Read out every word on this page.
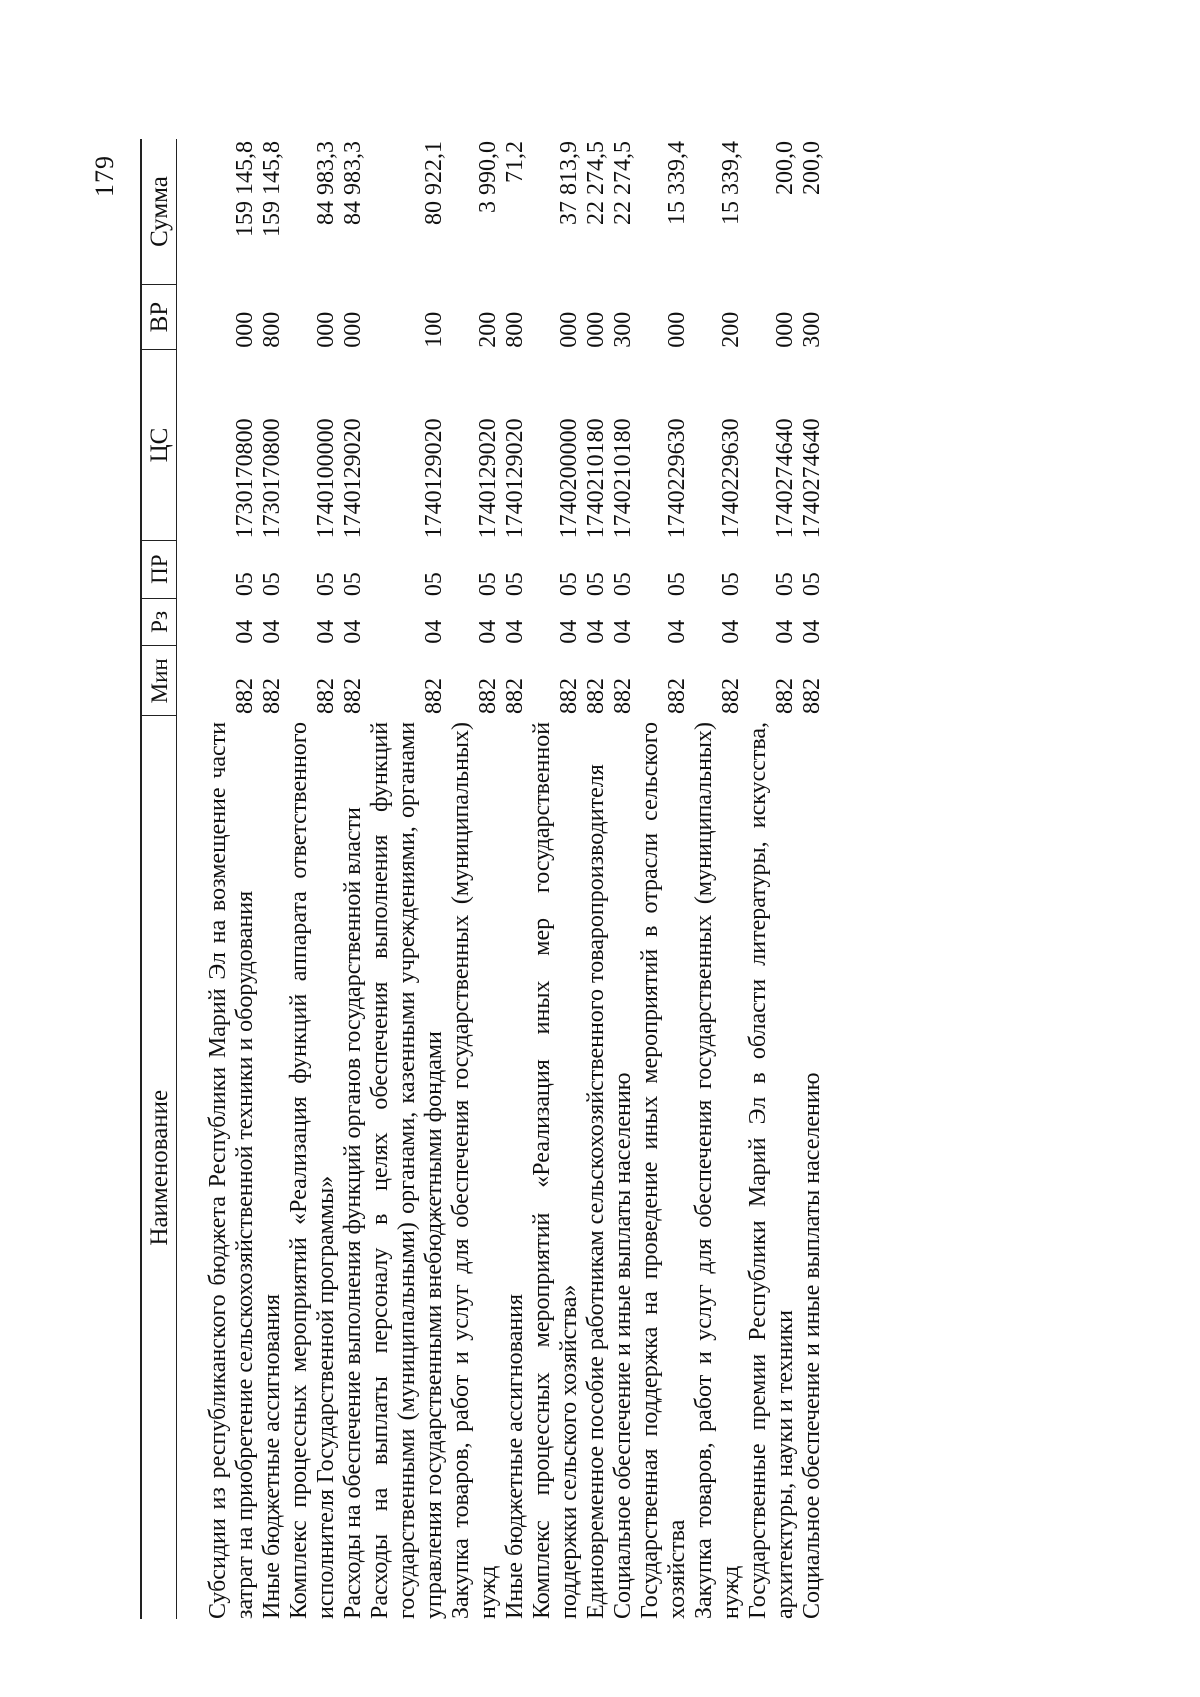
179
Наименование	Мин	Рз	ПР	ЦС	ВР	Сумма
Субсидии из республиканского бюджета Республики Марий Эл на возмещение части затрат на приобретение сельскохозяйственной техники и оборудования	882	04	05	1730170800	000	159 145,8
Иные бюджетные ассигнования	882	04	05	1730170800	800	159 145,8
Комплекс процессных мероприятий «Реализация функций аппарата ответственного исполнителя Государственной программы»	882	04	05	1740100000	000	84 983,3
Расходы на обеспечение выполнения функций органов государственной власти	882	04	05	1740129020	000	84 983,3
Расходы на выплаты персоналу в целях обеспечения выполнения функций государственными (муниципальными) органами, казенными учреждениями, органами управления государственными внебюджетными фондами	882	04	05	1740129020	100	80 922,1
Закупка товаров, работ и услуг для обеспечения государственных (муниципальных) нужд	882	04	05	1740129020	200	3 990,0
Иные бюджетные ассигнования	882	04	05	1740129020	800	71,2
Комплекс процессных мероприятий «Реализация иных мер государственной поддержки сельского хозяйства»	882	04	05	1740200000	000	37 813,9
Единовременное пособие работникам сельскохозяйственного товаропроизводителя	882	04	05	1740210180	000	22 274,5
Социальное обеспечение и иные выплаты населению	882	04	05	1740210180	300	22 274,5
Государственная поддержка на проведение иных мероприятий в отрасли сельского хозяйства	882	04	05	1740229630	000	15 339,4
Закупка товаров, работ и услуг для обеспечения государственных (муниципальных) нужд	882	04	05	1740229630	200	15 339,4
Государственные премии Республики Марий Эл в области литературы, искусства, архитектуры, науки и техники	882	04	05	1740274640	000	200,0
Социальное обеспечение и иные выплаты населению	882	04	05	1740274640	300	200,0
